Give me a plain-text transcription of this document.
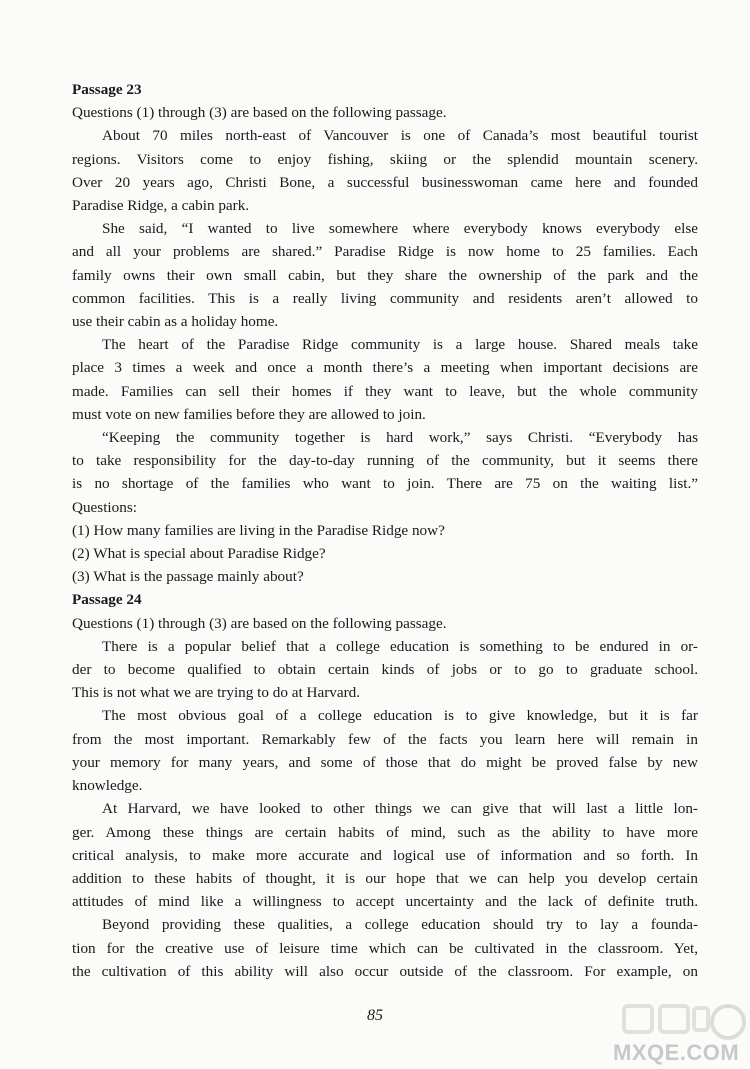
Passage 23
Questions (1) through (3) are based on the following passage.
About 70 miles north-east of Vancouver is one of Canada’s most beautiful tourist
regions. Visitors come to enjoy fishing, skiing or the splendid mountain scenery.
Over 20 years ago, Christi Bone, a successful businesswoman came here and founded
Paradise Ridge, a cabin park.
She said, “I wanted to live somewhere where everybody knows everybody else
and all your problems are shared.” Paradise Ridge is now home to 25 families. Each
family owns their own small cabin, but they share the ownership of the park and the
common facilities. This is a really living community and residents aren’t allowed to
use their cabin as a holiday home.
The heart of the Paradise Ridge community is a large house. Shared meals take
place 3 times a week and once a month there’s a meeting when important decisions are
made. Families can sell their homes if they want to leave, but the whole community
must vote on new families before they are allowed to join.
“Keeping the community together is hard work,” says Christi. “Everybody has
to take responsibility for the day-to-day running of the community, but it seems there
is no shortage of the families who want to join. There are 75 on the waiting list.”
Questions:
(1) How many families are living in the Paradise Ridge now?
(2) What is special about Paradise Ridge?
(3) What is the passage mainly about?
Passage 24
Questions (1) through (3) are based on the following passage.
There is a popular belief that a college education is something to be endured in or-
der to become qualified to obtain certain kinds of jobs or to go to graduate school.
This is not what we are trying to do at Harvard.
The most obvious goal of a college education is to give knowledge, but it is far
from the most important. Remarkably few of the facts you learn here will remain in
your memory for many years, and some of those that do might be proved false by new
knowledge.
At Harvard, we have looked to other things we can give that will last a little lon-
ger. Among these things are certain habits of mind, such as the ability to have more
critical analysis, to make more accurate and logical use of information and so forth. In
addition to these habits of thought, it is our hope that we can help you develop certain
attitudes of mind like a willingness to accept uncertainty and the lack of definite truth.
Beyond providing these qualities, a college education should try to lay a founda-
tion for the creative use of leisure time which can be cultivated in the classroom. Yet,
the cultivation of this ability will also occur outside of the classroom. For example, on
85
MXQE.COM
